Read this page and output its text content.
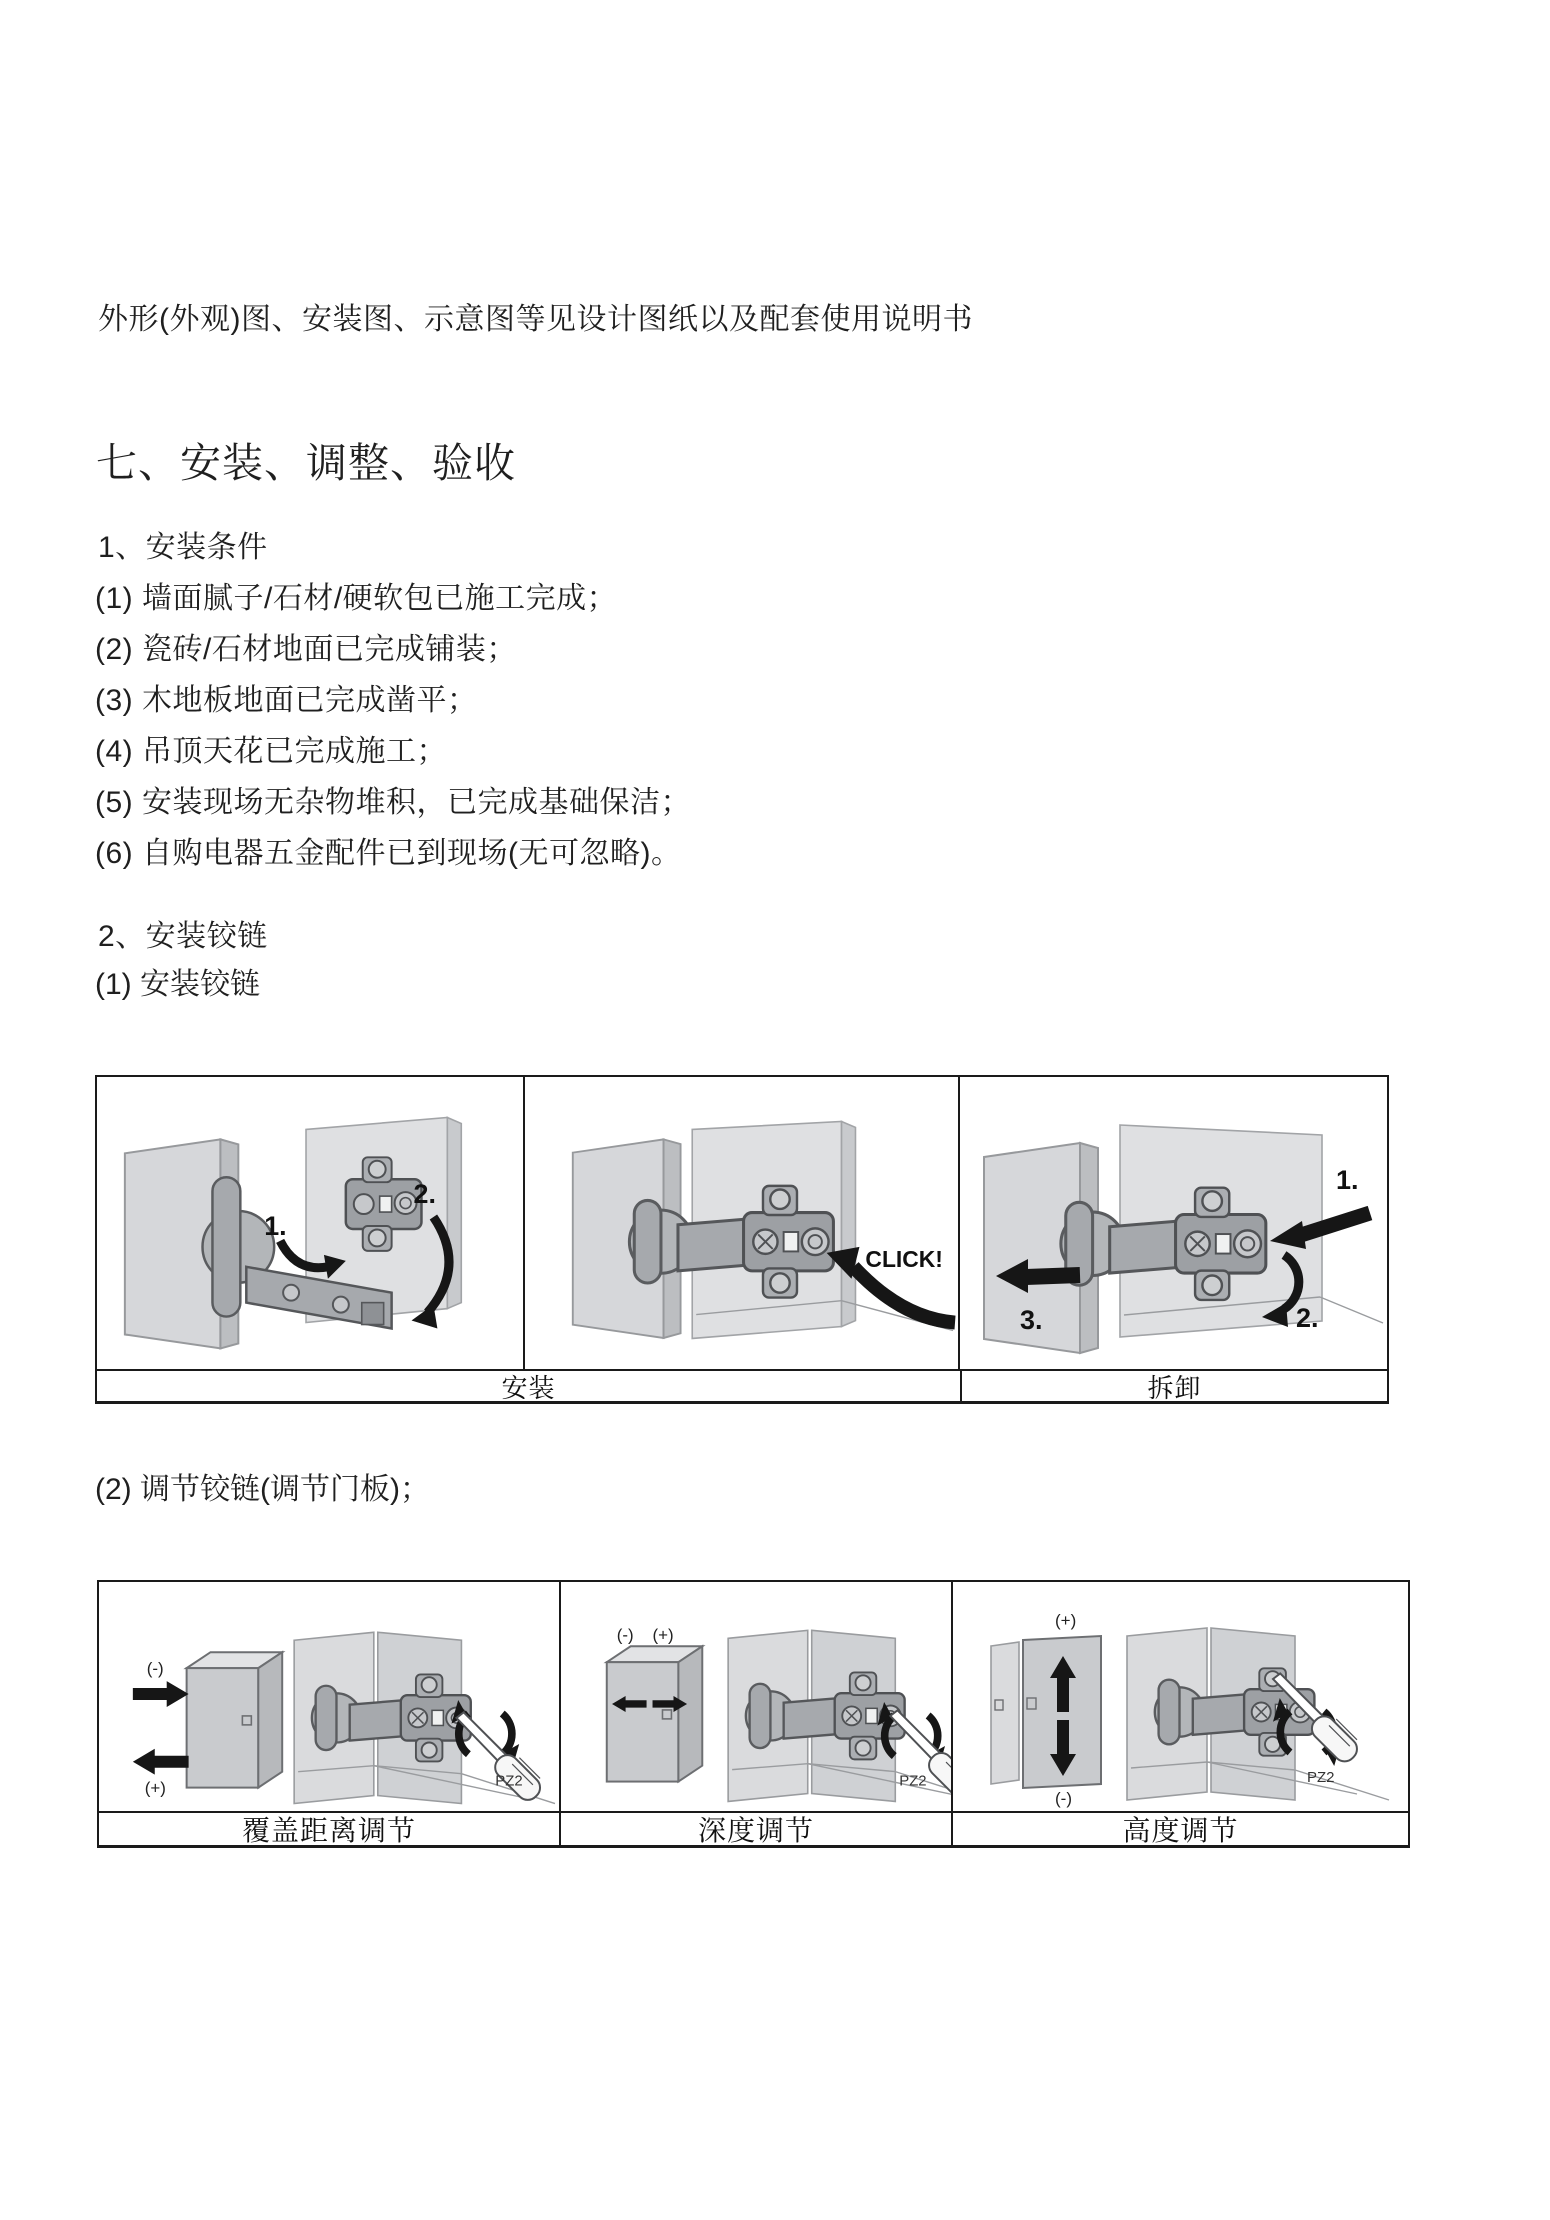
外形(外观)图、安装图、示意图等见设计图纸以及配套使用说明书

七、安装、调整、验收

1、安装条件

(1) 墙面腻子/石材/硬软包已施工完成；

(2) 瓷砖/石材地面已完成铺装；

(3) 木地板地面已完成凿平；

(4) 吊顶天花已完成施工；

(5) 安装现场无杂物堆积，已完成基础保洁；

(6) 自购电器五金配件已到现场(无可忽略)。

2、安装铰链

(1) 安装铰链

1.
2.
CLICK!
1.
2.
3.
安装	拆卸

(2) 调节铰链(调节门板)；

(-)
(+)	PZ2
(-) (+)
PZ2
(+)
(-)
PZ2
覆盖距离调节	深度调节	高度调节
